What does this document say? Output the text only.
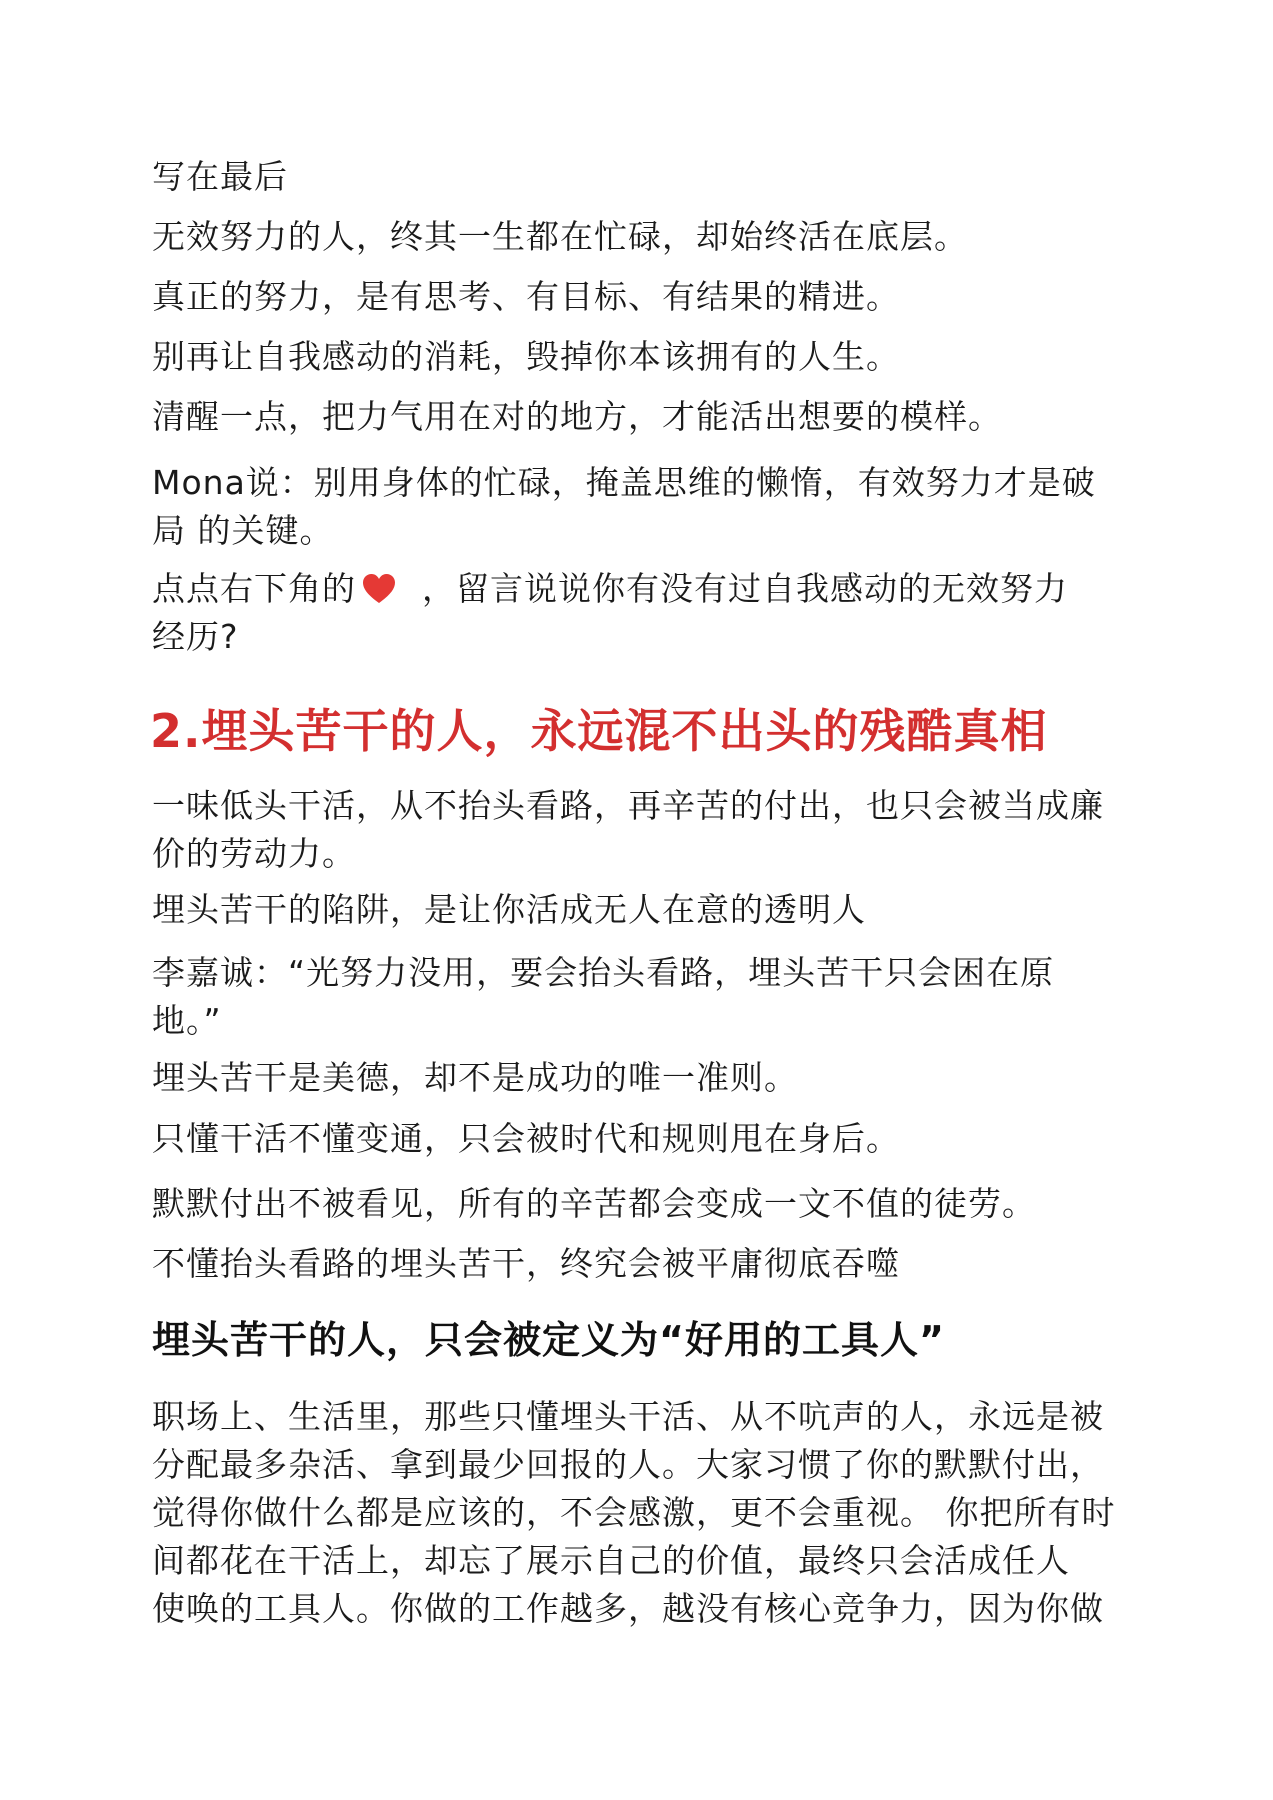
写在最后
无效努力的人，终其一生都在忙碌，却始终活在底层。
真正的努力，是有思考、有目标、有结果的精进。
别再让自我感动的消耗，毁掉你本该拥有的人生。
清醒一点，把力气用在对的地方，才能活出想要的模样。
Mona说：别用身体的忙碌，掩盖思维的懒惰，有效努力才是破
局 的关键。
点点右下角的 ，留言说说你有没有过自我感动的无效努力
经历?
2.埋头苦干的人，永远混不出头的残酷真相
一味低头干活，从不抬头看路，再辛苦的付出，也只会被当成廉
价的劳动力。
埋头苦干的陷阱，是让你活成无人在意的透明人
李嘉诚：“光努力没用，要会抬头看路，埋头苦干只会困在原
地。”
埋头苦干是美德，却不是成功的唯一准则。
只懂干活不懂变通，只会被时代和规则甩在身后。
默默付出不被看见，所有的辛苦都会变成一文不值的徒劳。
不懂抬头看路的埋头苦干，终究会被平庸彻底吞噬
埋头苦干的人，只会被定义为“好用的工具人”
职场上、生活里，那些只懂埋头干活、从不吭声的人，永远是被
分配最多杂活、拿到最少回报的人。大家习惯了你的默默付出，
觉得你做什么都是应该的，不会感激，更不会重视。 你把所有时
间都花在干活上，却忘了展示自己的价值，最终只会活成任人
使唤的工具人。你做的工作越多，越没有核心竞争力，因为你做
